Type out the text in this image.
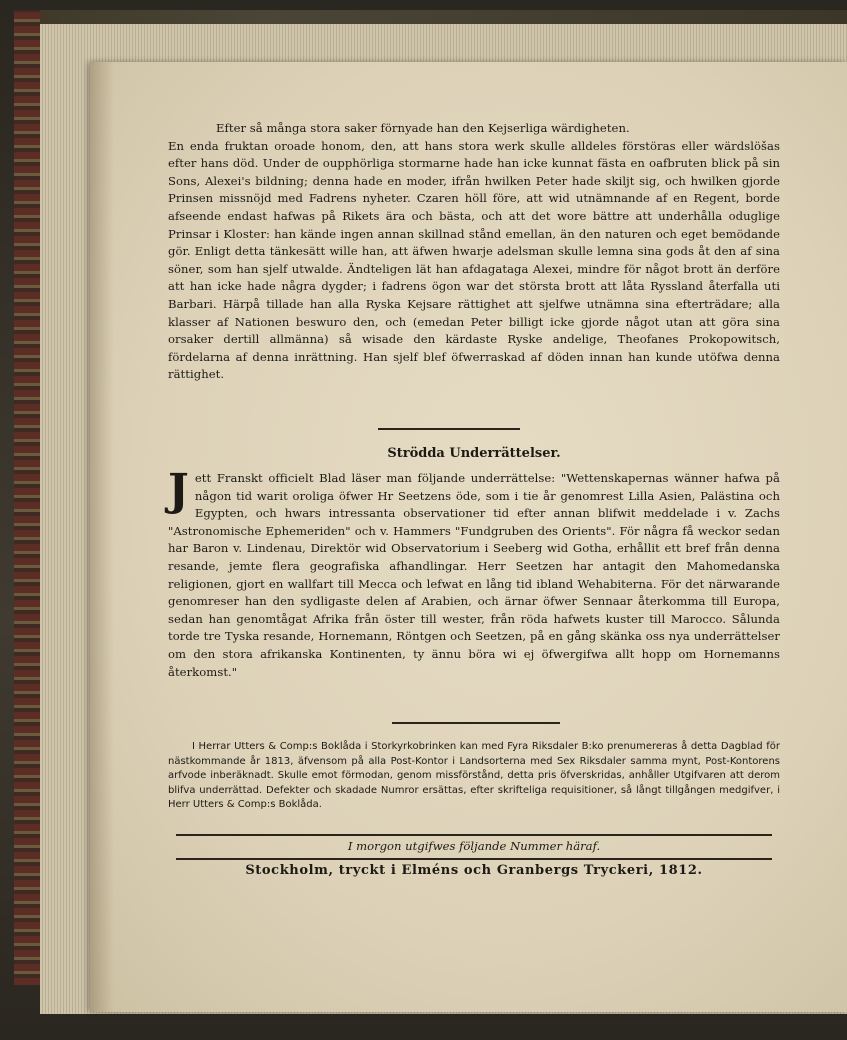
Efter så många stora saker förnyade han den Kejserliga wärdigheten.
En enda fruktan oroade honom, den, att hans stora werk skulle alldeles förstöras eller wärdslöšas efter hans död. Under de oupphörliga stormarne hade han icke kunnat fästa en oafbruten blick på sin Sons, Alexei's bildning; denna hade en moder, ifrån hwilken Peter hade skiljt sig, och hwilken gjorde Prinsen missnöjd med Fadrens nyheter. Czaren höll före, att wid utnämnande af en Regent, borde afseende endast hafwas på Rikets ära och bästa, och att det wore bättre att underhålla oduglige Prinsar i Kloster: han kände ingen annan skillnad stånd emellan, än den naturen och eget bemödande gör. Enligt detta tänkesätt wille han, att äfwen hwarje adelsman skulle lemna sina gods åt den af sina söner, som han sjelf utwalde. Ändteligen lät han afdagataga Alexei, mindre för något brott än derföre att han icke hade några dygder; i fadrens ögon war det största brott att låta Ryssland återfalla uti Barbari. Härpå tillade han alla Ryska Kejsare rättighet att sjelfwe utnämna sina efterträdare; alla klasser af Nationen beswuro den, och (emedan Peter billigt icke gjorde något utan att göra sina orsaker dertill allmänna) så wisade den kärdaste Ryske andelige, Theofanes Prokopowitsch, fördelarna af denna inrättning. Han sjelf blef öfwerraskad af döden innan han kunde utöfwa denna rättighet.

Strödda Underrättelser.

J ett Franskt officielt Blad läser man följande underrättelse: "Wettenskapernas wänner hafwa på någon tid warit oroliga öfwer Hr Seetzens öde, som i tie år genomrest Lilla Asien, Palästina och Egypten, och hwars intressanta observationer tid efter annan blifwit meddelade i v. Zachs "Astronomische Ephemeriden" och v. Hammers "Fundgruben des Orients". För några få weckor sedan har Baron v. Lindenau, Direktör wid Observatorium i Seeberg wid Gotha, erhållit ett bref från denna resande, jemte flera geografiska afhandlingar. Herr Seetzen har antagit den Mahomedanska religionen, gjort en wallfart till Mecca och lefwat en lång tid ibland Wehabiterna. För det närwarande genomreser han den sydligaste delen af Arabien, och ärnar öfwer Sennaar återkomma till Europa, sedan han genomtågat Afrika från öster till wester, från röda hafwets kuster till Marocco. Sålunda torde tre Tyska resande, Hornemann, Röntgen och Seetzen, på en gång skänka oss nya underrättelser om den stora afrikanska Kontinenten, ty ännu böra wi ej öfwergifwa allt hopp om Hornemanns återkomst."

I Herrar Utters & Comp:s Boklåda i Storkyrkobrinken kan med Fyra Riksdaler B:ko prenumereras å detta Dagblad för nästkommande år 1813, äfvensom på alla Post-Kontor i Landsorterna med Sex Riksdaler samma mynt, Post-Kontorens arfvode inberäknadt. Skulle emot förmodan, genom missförstånd, detta pris öfverskridas, anhåller Utgifvaren att derom blifva underrättad. Defekter och skadade Numror ersättas, efter skrifteliga requisitioner, så långt tillgången medgifver, i Herr Utters & Comp:s Boklåda.

I morgon utgifwes följande Nummer häraf.

Stockholm, tryckt i Elméns och Granbergs Tryckeri, 1812.
